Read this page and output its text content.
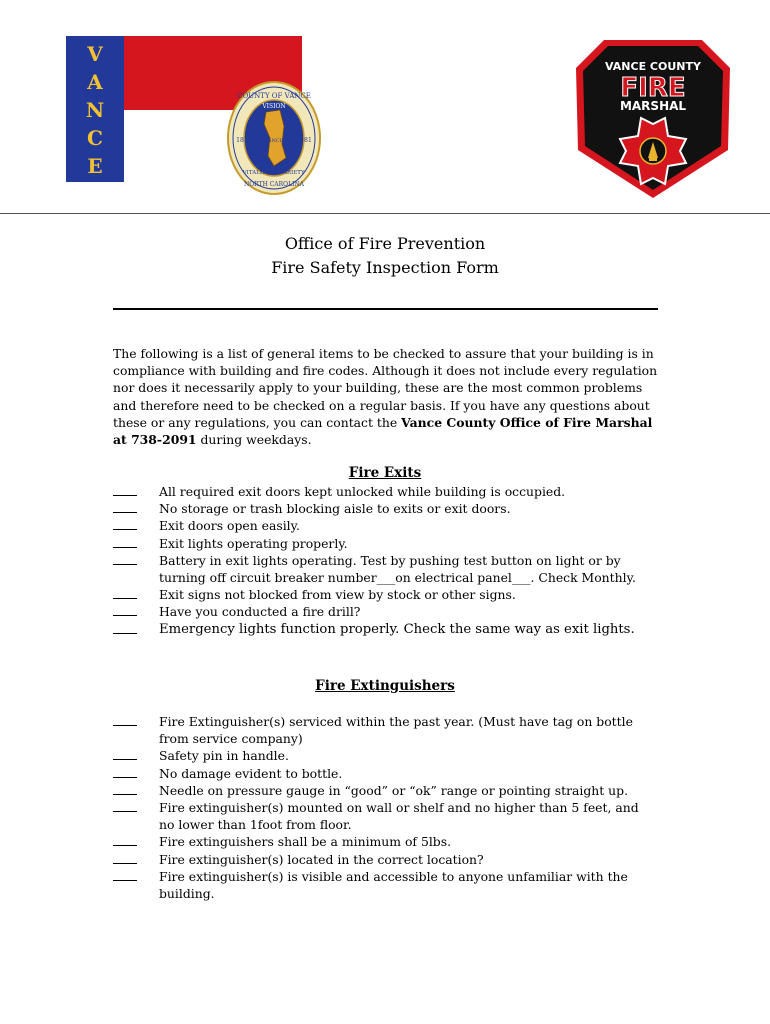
V
A
N
C
E
COUNTY OF VANCE
VISION
VANCE
18	81
VITALITY VARIETY
NORTH CAROLINA
VANCE COUNTY
FIRE
MARSHAL
Office of Fire Prevention
Fire Safety Inspection Form

The following is a list of general items to be checked to assure that your building is in compliance with building and fire codes. Although it does not include every regulation nor does it necessarily apply to your building, these are the most common problems and therefore need to be checked on a regular basis. If you have any questions about these or any regulations, you can contact the Vance County Office of Fire Marshal at 738-2091 during weekdays.

Fire Exits
All required exit doors kept unlocked while building is occupied.
No storage or trash blocking aisle to exits or exit doors.
Exit doors open easily.
Exit lights operating properly.
Battery in exit lights operating. Test by pushing test button on light or by turning off circuit breaker number___on electrical panel___. Check Monthly.
Exit signs not blocked from view by stock or other signs.
Have you conducted a fire drill?
Emergency lights function properly. Check the same way as exit lights.
Fire Extinguishers
Fire Extinguisher(s) serviced within the past year. (Must have tag on bottle from service company)
Safety pin in handle.
No damage evident to bottle.
Needle on pressure gauge in “good” or “ok” range or pointing straight up.
Fire extinguisher(s) mounted on wall or shelf and no higher than 5 feet, and no lower than 1foot from floor.
Fire extinguishers shall be a minimum of 5lbs.
Fire extinguisher(s) located in the correct location?
Fire extinguisher(s) is visible and accessible to anyone unfamiliar with the building.
